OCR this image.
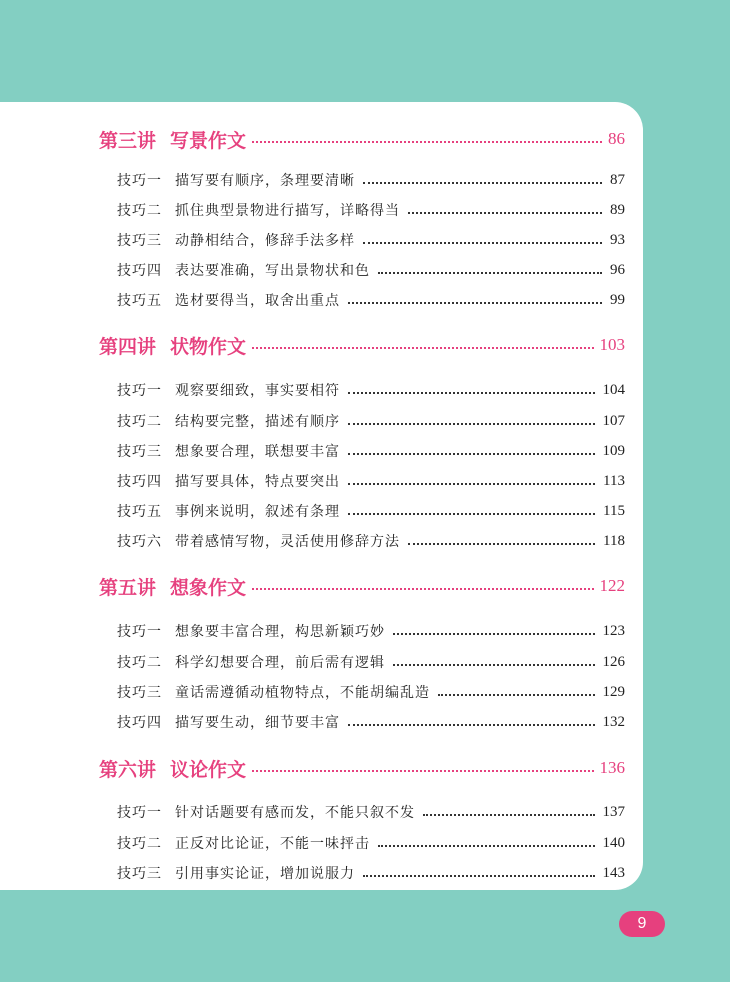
第三讲 写景作文	86
技巧一 描写要有顺序，条理要清晰	87
技巧二 抓住典型景物进行描写，详略得当	89
技巧三 动静相结合，修辞手法多样	93
技巧四 表达要准确，写出景物状和色	96
技巧五 选材要得当，取舍出重点	99
第四讲 状物作文	103
技巧一 观察要细致，事实要相符	104
技巧二 结构要完整，描述有顺序	107
技巧三 想象要合理，联想要丰富	109
技巧四 描写要具体，特点要突出	113
技巧五 事例来说明，叙述有条理	115
技巧六 带着感情写物，灵活使用修辞方法	118
第五讲 想象作文	122
技巧一 想象要丰富合理，构思新颖巧妙	123
技巧二 科学幻想要合理，前后需有逻辑	126
技巧三 童话需遵循动植物特点，不能胡编乱造	129
技巧四 描写要生动，细节要丰富	132
第六讲 议论作文	136
技巧一 针对话题要有感而发，不能只叙不发	137
技巧二 正反对比论证，不能一味抨击	140
技巧三 引用事实论证，增加说服力	143
9
